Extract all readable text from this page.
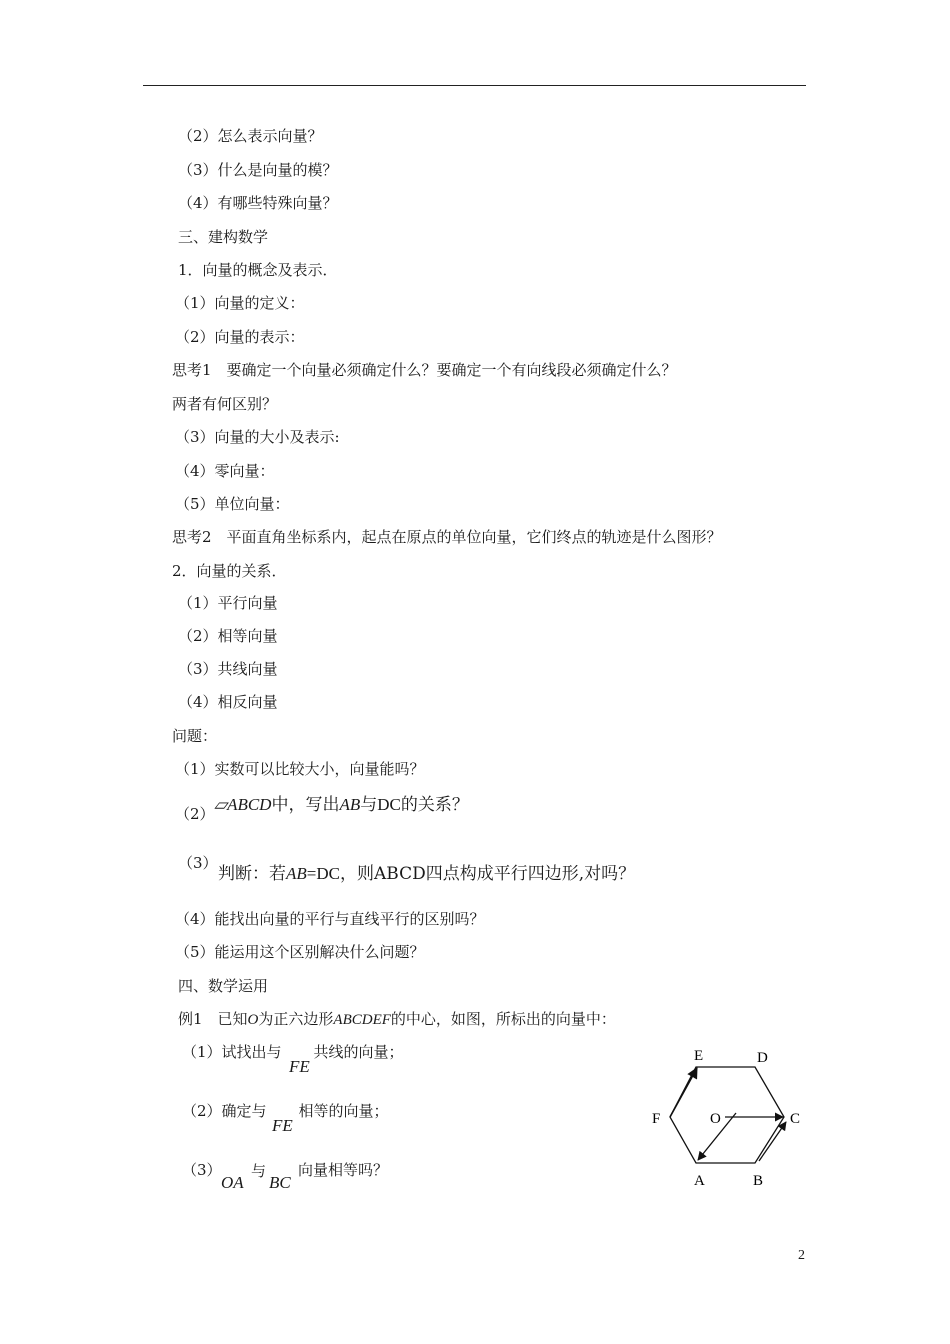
（2）怎么表示向量？
（3）什么是向量的模？
（4）有哪些特殊向量？
三、建构数学
1．向量的概念及表示．
（1）向量的定义：
（2）向量的表示：
思考1　要确定一个向量必须确定什么？要确定一个有向线段必须确定什么？
两者有何区别？
（3）向量的大小及表示:
（4）零向量：
（5）单位向量：
思考2　平面直角坐标系内，起点在原点的单位向量，它们终点的轨迹是什么图形？
2．向量的关系．
（1）平行向量
（2）相等向量
（3）共线向量
（4）相反向量
问题：
（1）实数可以比较大小，向量能吗？
（2） ▱ABCD中，写出AB与DC的关系？
（3）
判断：若AB=DC，则ABCD四点构成平行四边形,对吗？
（4）能找出向量的平行与直线平行的区别吗？
（5）能运用这个区别解决什么问题？
四、数学运用
例1　已知O为正六边形ABCDEF的中心，如图，所标出的向量中：
（1）试找出与 共线的向量；
FE
（2）确定与 相等的向量；
FE
（3）
OA
与
BC
向量相等吗？
E	D
F	O	C
A	B
2
